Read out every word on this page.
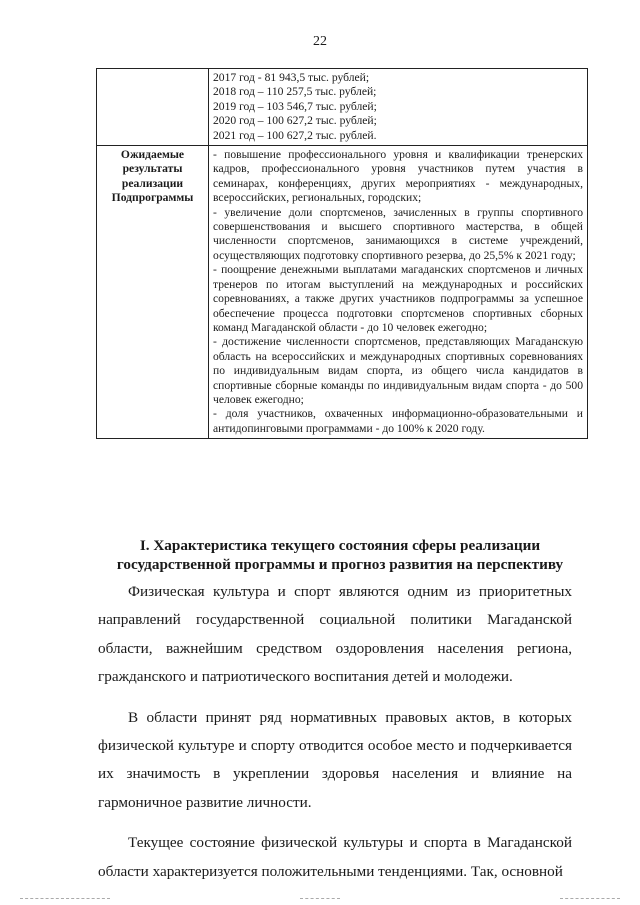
22

	2017 год - 81 943,5 тыс. рублей;
2018 год – 110 257,5 тыс. рублей;
2019 год – 103 546,7 тыс. рублей;
2020 год – 100 627,2 тыс. рублей;
2021 год – 100 627,2 тыс. рублей.

Ожидаемые результаты реализации Подпрограммы	- повышение профессионального уровня и квалификации тренерских кадров, профессионального уровня участников путем участия в семинарах, конференциях, других мероприятиях - международных, всероссийских, региональных, городских;
- увеличение доли спортсменов, зачисленных в группы спортивного совершенствования и высшего спортивного мастерства, в общей численности спортсменов, занимающихся в системе учреждений, осуществляющих подготовку спортивного резерва, до 25,5% к 2021 году;
- поощрение денежными выплатами магаданских спортсменов и личных тренеров по итогам выступлений на международных и российских соревнованиях, а также других участников подпрограммы за успешное обеспечение процесса подготовки спортсменов спортивных сборных команд Магаданской области - до 10 человек ежегодно;
- достижение численности спортсменов, представляющих Магаданскую область на всероссийских и международных спортивных соревнованиях по индивидуальным видам спорта, из общего числа кандидатов в спортивные сборные команды по индивидуальным видам спорта - до 500 человек ежегодно;
- доля участников, охваченных информационно-образовательными и антидопинговыми программами - до 100% к 2020 году.
I. Характеристика текущего состояния сферы реализации
государственной программы и прогноз развития на перспективу

Физическая культура и спорт являются одним из приоритетных направлений государственной социальной политики Магаданской области, важнейшим средством оздоровления населения региона, гражданского и патриотического воспитания детей и молодежи.

В области принят ряд нормативных правовых актов, в которых физической культуре и спорту отводится особое место и подчеркивается их значимость в укреплении здоровья населения и влияние на гармоничное развитие личности.

Текущее состояние физической культуры и спорта в Магаданской области характеризуется положительными тенденциями. Так, основной
